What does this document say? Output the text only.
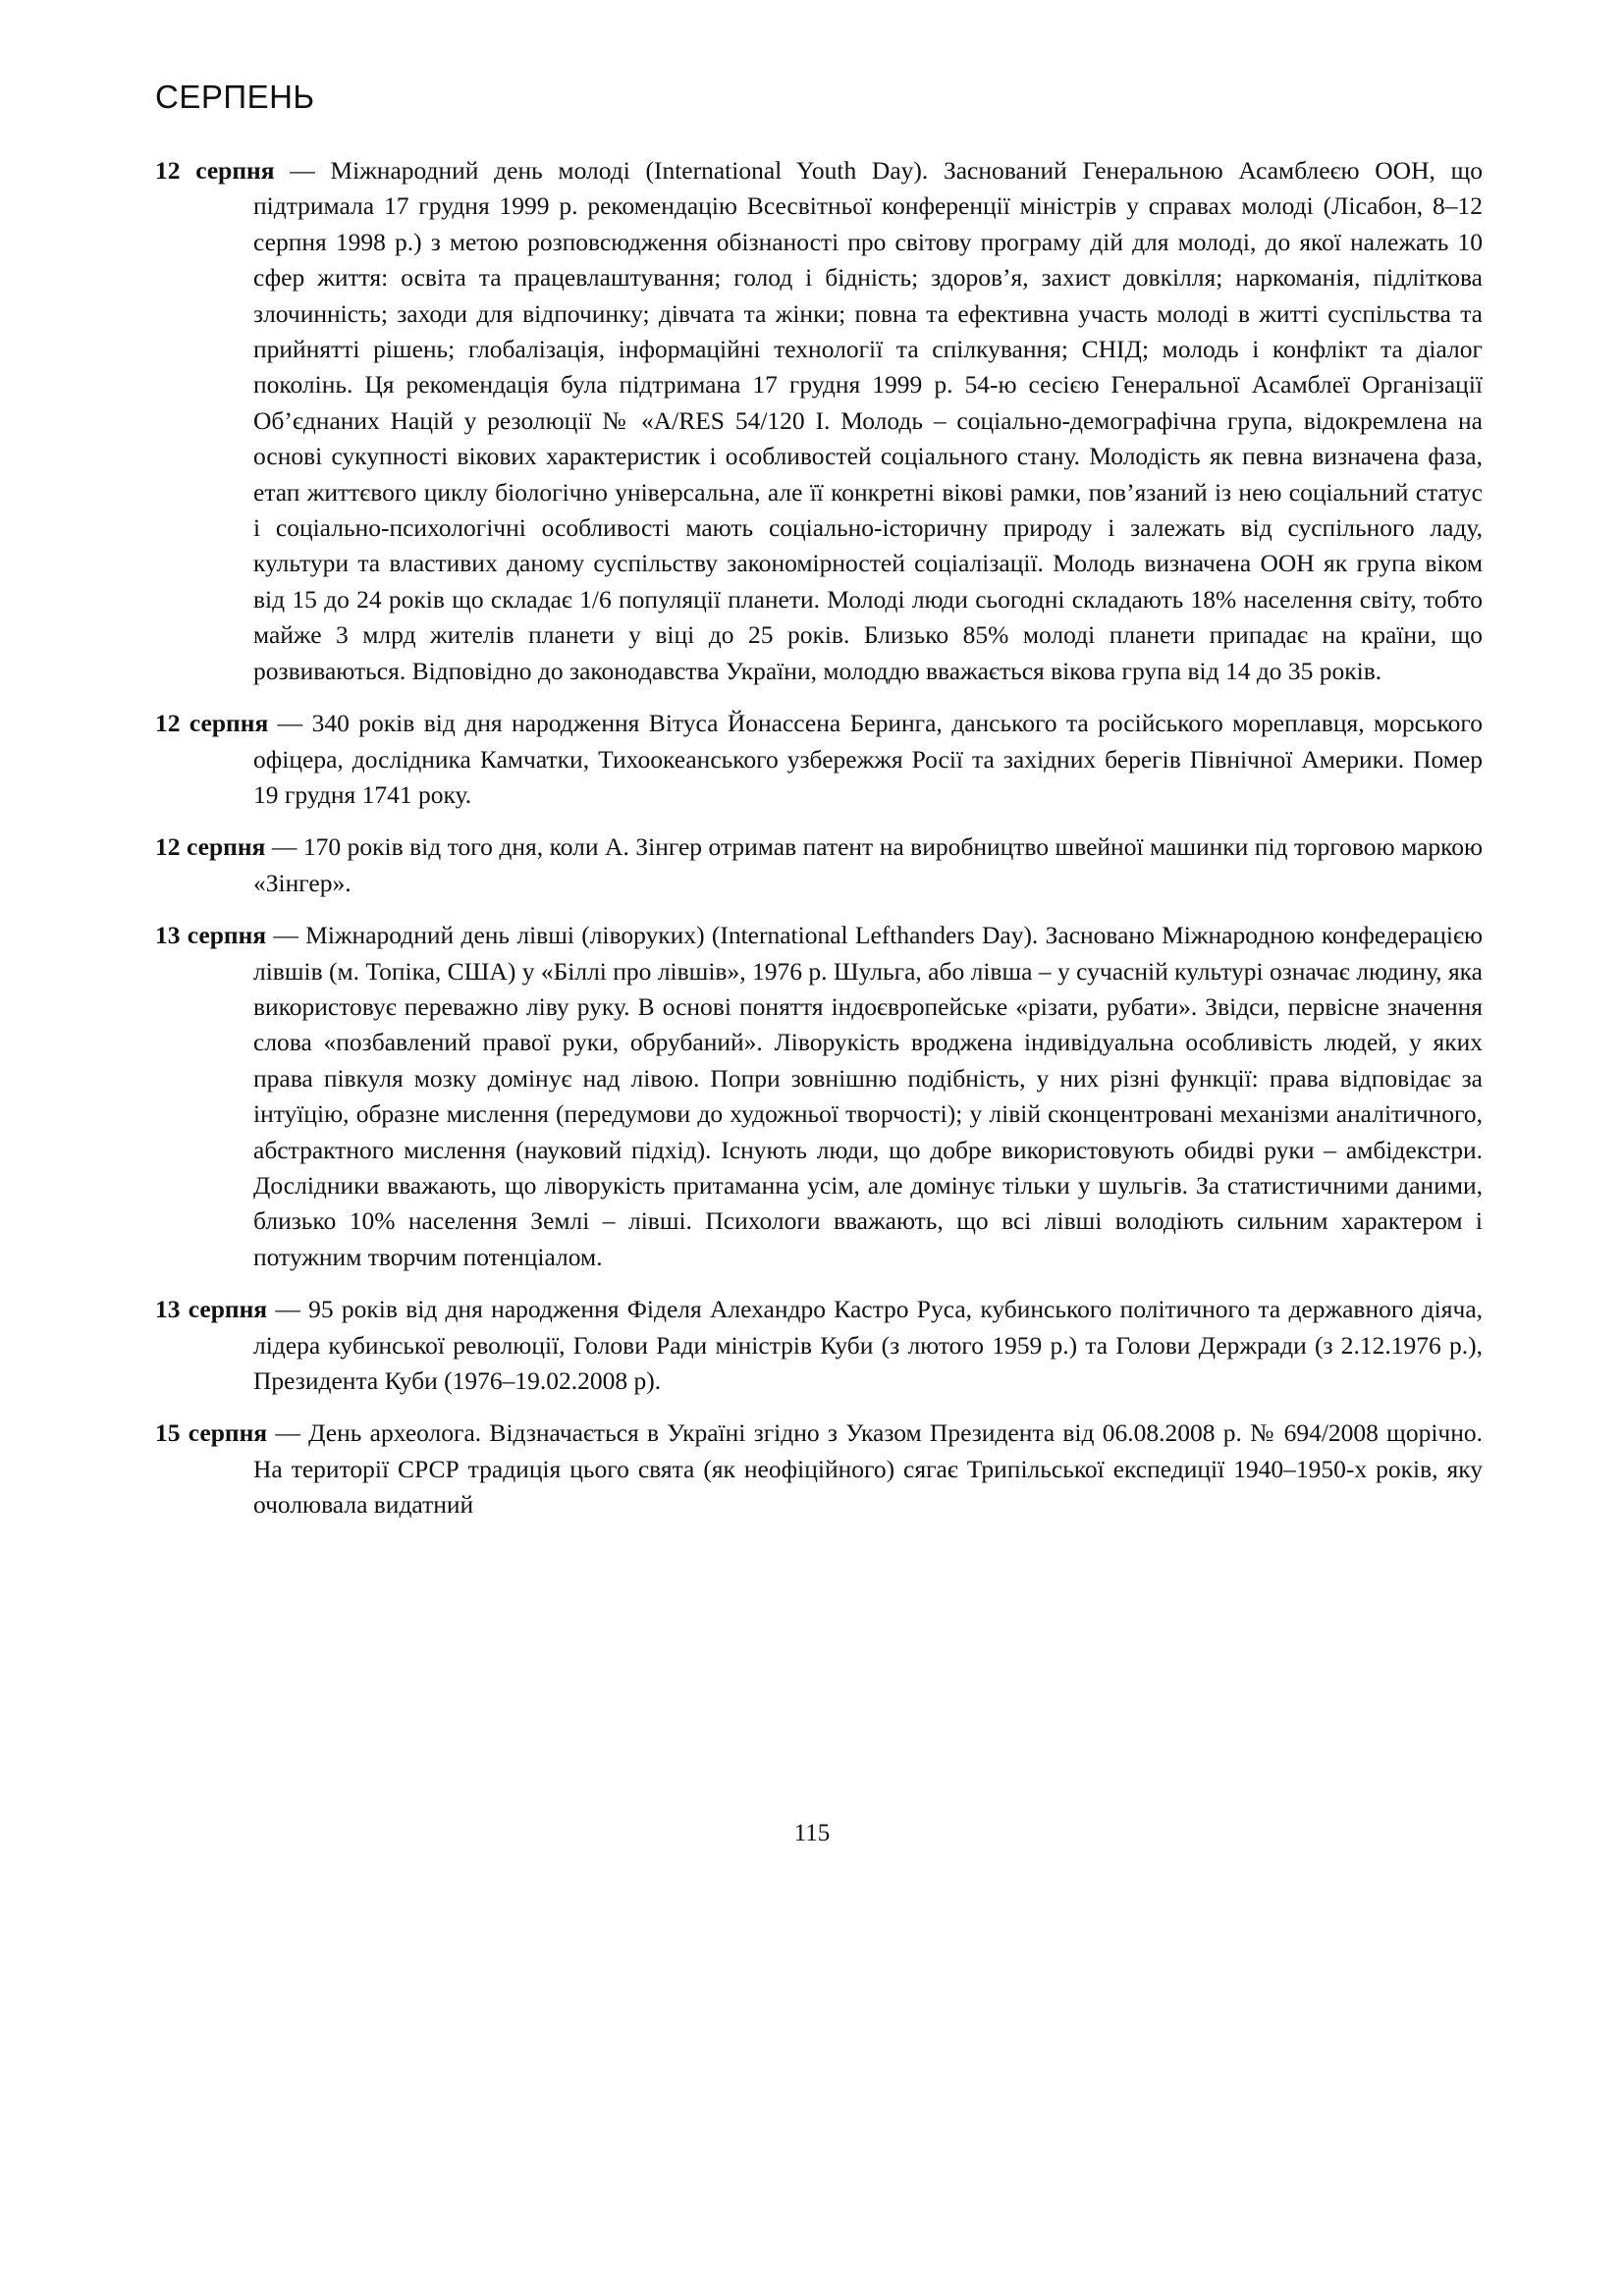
СЕРПЕНЬ

12 серпня — Міжнародний день молоді (International Youth Day). Заснований Генеральною Асамблеєю ООН, що підтримала 17 грудня 1999 р. рекомендацію Всесвітньої конференції міністрів у справах молоді (Лісабон, 8–12 серпня 1998 р.) з метою розповсюдження обізнаності про світову програму дій для молоді, до якої належать 10 сфер життя: освіта та працевлаштування; голод і бідність; здоров’я, захист довкілля; наркоманія, підліткова злочинність; заходи для відпочинку; дівчата та жінки; повна та ефективна участь молоді в житті суспільства та прийнятті рішень; глобалізація, інформаційні технології та спілкування; СНІД; молодь і конфлікт та діалог поколінь. Ця рекомендація була підтримана 17 грудня 1999 р. 54-ю сесією Генеральної Асамблеї Організації Об’єднаних Націй у резолюції № «A/RES 54/120 I. Молодь – соціально-демографічна група, відокремлена на основі сукупності вікових характеристик і особливостей соціального стану. Молодість як певна визначена фаза, етап життєвого циклу біологічно універсальна, але її конкретні вікові рамки, пов’язаний із нею соціальний статус і соціально-психологічні особливості мають соціально-історичну природу і залежать від суспільного ладу, культури та властивих даному суспільству закономірностей соціалізації. Молодь визначена ООН як група віком від 15 до 24 років що складає 1/6 популяції планети. Молоді люди сьогодні складають 18% населення світу, тобто майже 3 млрд жителів планети у віці до 25 років. Близько 85% молоді планети припадає на країни, що розвиваються. Відповідно до законодавства України, молоддю вважається вікова група від 14 до 35 років.

12 серпня — 340 років від дня народження Вітуса Йонассена Беринга, данського та російського мореплавця, морського офіцера, дослідника Камчатки, Тихоокеанського узбережжя Росії та західних берегів Північної Америки. Помер 19 грудня 1741 року.

12 серпня — 170 років від того дня, коли А. Зінгер отримав патент на виробництво швейної машинки під торговою маркою «Зінгер».

13 серпня — Міжнародний день лівші (ліворуких) (International Lefthanders Day). Засновано Міжнародною конфедерацією лівшів (м. Топіка, США) у «Біллі про лівшів», 1976 р. Шульга, або лівша – у сучасній культурі означає людину, яка використовує переважно ліву руку. В основі поняття індоєвропейське «різати, рубати». Звідси, первісне значення слова «позбавлений правої руки, обрубаний». Ліворукість вроджена індивідуальна особливість людей, у яких права півкуля мозку домінує над лівою. Попри зовнішню подібність, у них різні функції: права відповідає за інтуїцію, образне мислення (передумови до художньої творчості); у лівій сконцентровані механізми аналітичного, абстрактного мислення (науковий підхід). Існують люди, що добре використовують обидві руки – амбідекстри. Дослідники вважають, що ліворукість притаманна усім, але домінує тільки у шульгів. За статистичними даними, близько 10% населення Землі – лівші. Психологи вважають, що всі лівші володіють сильним характером і потужним творчим потенціалом.

13 серпня — 95 років від дня народження Фіделя Алехандро Кастро Руса, кубинського політичного та державного діяча, лідера кубинської революції, Голови Ради міністрів Куби (з лютого 1959 р.) та Голови Держради (з 2.12.1976 р.), Президента Куби (1976–19.02.2008 р).

15 серпня — День археолога. Відзначається в Україні згідно з Указом Президента від 06.08.2008 р. № 694/2008 щорічно. На території СРСР традиція цього свята (як неофіційного) сягає Трипільської експедиції 1940–1950-х років, яку очолювала видатний

115
